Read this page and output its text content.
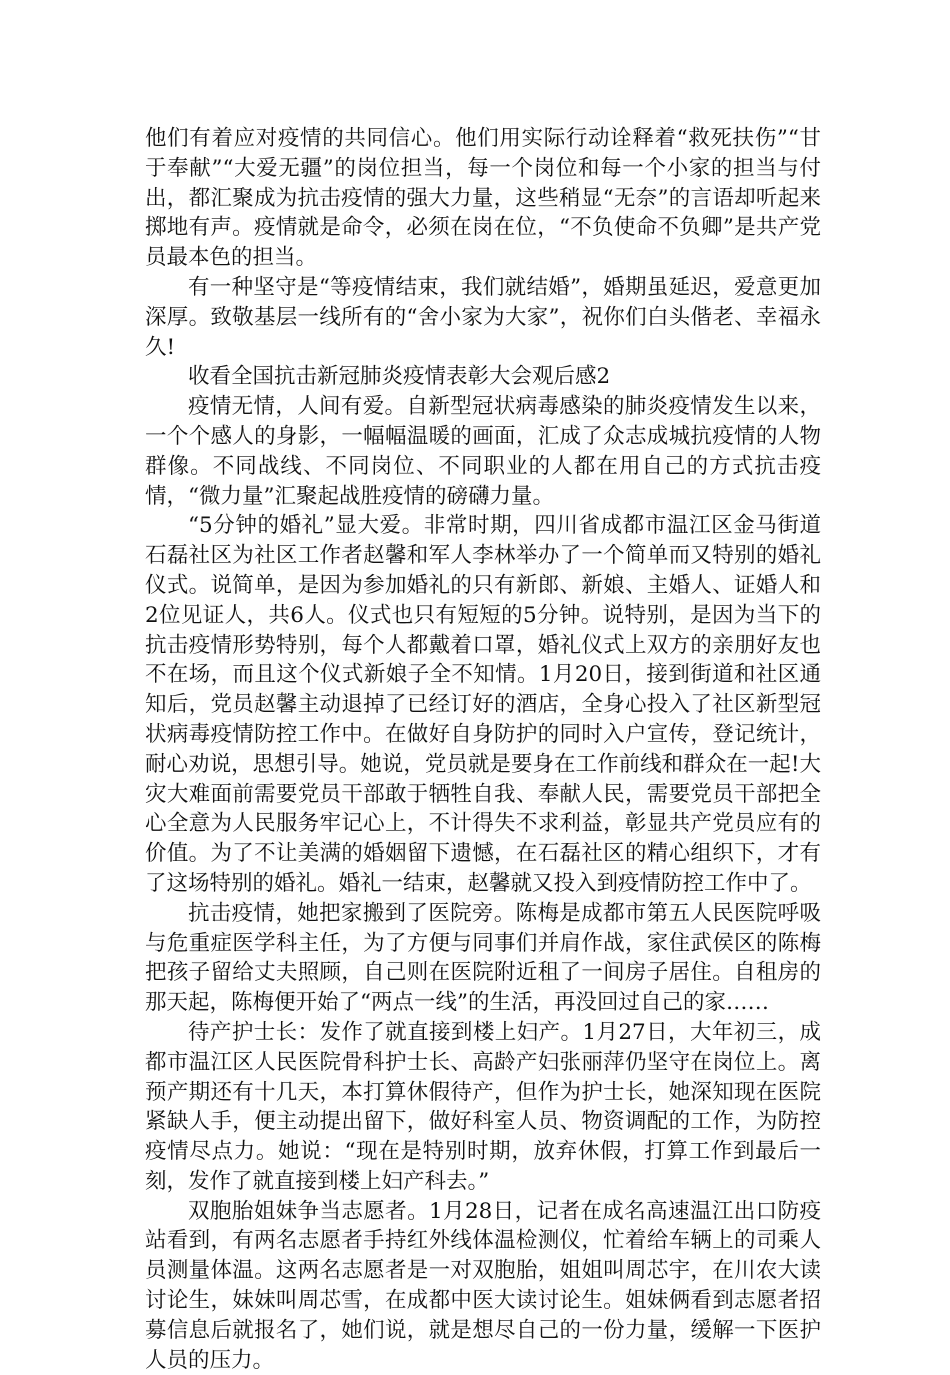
他们有着应对疫情的共同信心。他们用实际行动诠释着“救死扶伤”“甘于奉献”“大爱无疆”的岗位担当，每一个岗位和每一个小家的担当与付出，都汇聚成为抗击疫情的强大力量，这些稍显“无奈”的言语却听起来掷地有声。疫情就是命令，必须在岗在位，“不负使命不负卿”是共产党员最本色的担当。

有一种坚守是“等疫情结束，我们就结婚”，婚期虽延迟，爱意更加深厚。致敬基层一线所有的“舍小家为大家”，祝你们白头偕老、幸福永久!

收看全国抗击新冠肺炎疫情表彰大会观后感2

疫情无情，人间有爱。自新型冠状病毒感染的肺炎疫情发生以来，一个个感人的身影，一幅幅温暖的画面，汇成了众志成城抗疫情的人物群像。不同战线、不同岗位、不同职业的人都在用自己的方式抗击疫情，“微力量”汇聚起战胜疫情的磅礴力量。

“5分钟的婚礼”显大爱。非常时期，四川省成都市温江区金马街道石磊社区为社区工作者赵馨和军人李林举办了一个简单而又特别的婚礼仪式。说简单，是因为参加婚礼的只有新郎、新娘、主婚人、证婚人和2位见证人，共6人。仪式也只有短短的5分钟。说特别，是因为当下的抗击疫情形势特别，每个人都戴着口罩，婚礼仪式上双方的亲朋好友也不在场，而且这个仪式新娘子全不知情。1月20日，接到街道和社区通知后，党员赵馨主动退掉了已经订好的酒店，全身心投入了社区新型冠状病毒疫情防控工作中。在做好自身防护的同时入户宣传，登记统计，耐心劝说，思想引导。她说，党员就是要身在工作前线和群众在一起!大灾大难面前需要党员干部敢于牺牲自我、奉献人民，需要党员干部把全心全意为人民服务牢记心上，不计得失不求利益，彰显共产党员应有的价值。为了不让美满的婚姻留下遗憾，在石磊社区的精心组织下，才有了这场特别的婚礼。婚礼一结束，赵馨就又投入到疫情防控工作中了。

抗击疫情，她把家搬到了医院旁。陈梅是成都市第五人民医院呼吸与危重症医学科主任，为了方便与同事们并肩作战，家住武侯区的陈梅把孩子留给丈夫照顾，自己则在医院附近租了一间房子居住。自租房的那天起，陈梅便开始了“两点一线”的生活，再没回过自己的家……

待产护士长：发作了就直接到楼上妇产。1月27日，大年初三，成都市温江区人民医院骨科护士长、高龄产妇张丽萍仍坚守在岗位上。离预产期还有十几天，本打算休假待产，但作为护士长，她深知现在医院紧缺人手，便主动提出留下，做好科室人员、物资调配的工作，为防控疫情尽点力。她说：“现在是特别时期，放弃休假，打算工作到最后一刻，发作了就直接到楼上妇产科去。”

双胞胎姐妹争当志愿者。1月28日，记者在成名高速温江出口防疫站看到，有两名志愿者手持红外线体温检测仪，忙着给车辆上的司乘人员测量体温。这两名志愿者是一对双胞胎，姐姐叫周芯宇，在川农大读讨论生，妹妹叫周芯雪，在成都中医大读讨论生。姐妹俩看到志愿者招募信息后就报名了，她们说，就是想尽自己的一份力量，缓解一下医护人员的压力。
